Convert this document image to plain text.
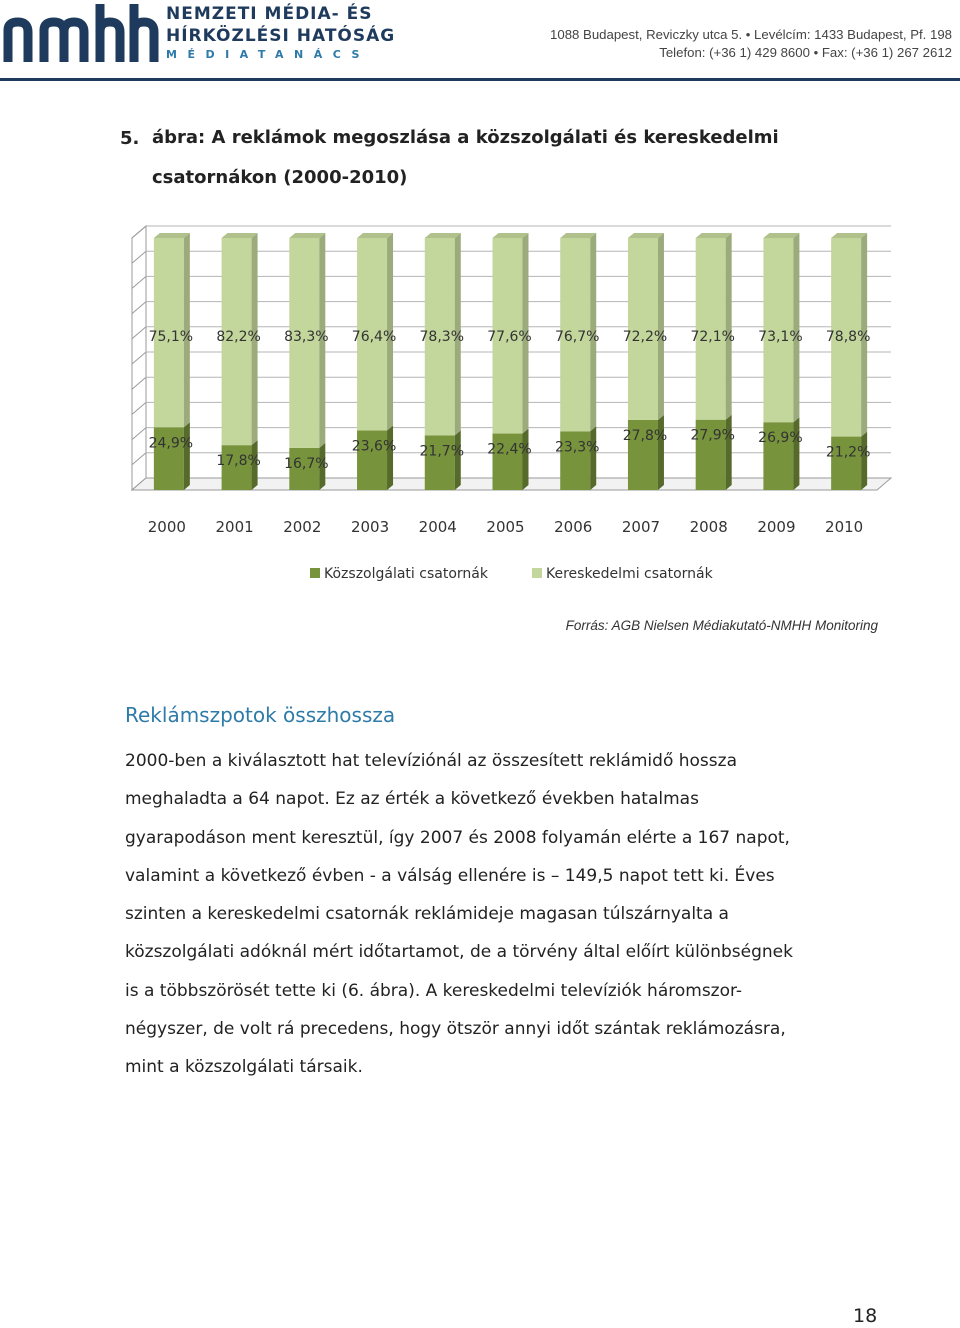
NEMZETI MÉDIA- ÉS
HÍRKÖZLÉSI HATÓSÁG
MÉDIATANÁCS
1088 Budapest, Reviczky utca 5. • Levélcím: 1433 Budapest, Pf. 198
Telefon: (+36 1) 429 8600 • Fax: (+36 1) 267 2612
5. ábra: A reklámok megoszlása a közszolgálati és kereskedelmi csatornákon (2000-2010)
24,9%
75,1%
2000
17,8%
82,2%
2001
16,7%
83,3%
2002
23,6%
76,4%
2003
21,7%
78,3%
2004
22,4%
77,6%
2005
23,3%
76,7%
2006
27,8%
72,2%
2007
27,9%
72,1%
2008
26,9%
73,1%
2009
21,2%
78,8%
2010
Közszolgálati csatornák	Kereskedelmi csatornák
Forrás: AGB Nielsen Médiakutató-NMHH Monitoring
Reklámszpotok összhossza
2000-ben a kiválasztott hat televíziónál az összesített reklámidő hossza
meghaladta a 64 napot. Ez az érték a következő években hatalmas
gyarapodáson ment keresztül, így 2007 és 2008 folyamán elérte a 167 napot,
valamint a következő évben - a válság ellenére is – 149,5 napot tett ki. Éves
szinten a kereskedelmi csatornák reklámideje magasan túlszárnyalta a
közszolgálati adóknál mért időtartamot, de a törvény által előírt különbségnek
is a többszörösét tette ki (6. ábra). A kereskedelmi televíziók háromszor-
négyszer, de volt rá precedens, hogy ötször annyi időt szántak reklámozásra,
mint a közszolgálati társaik.
18
